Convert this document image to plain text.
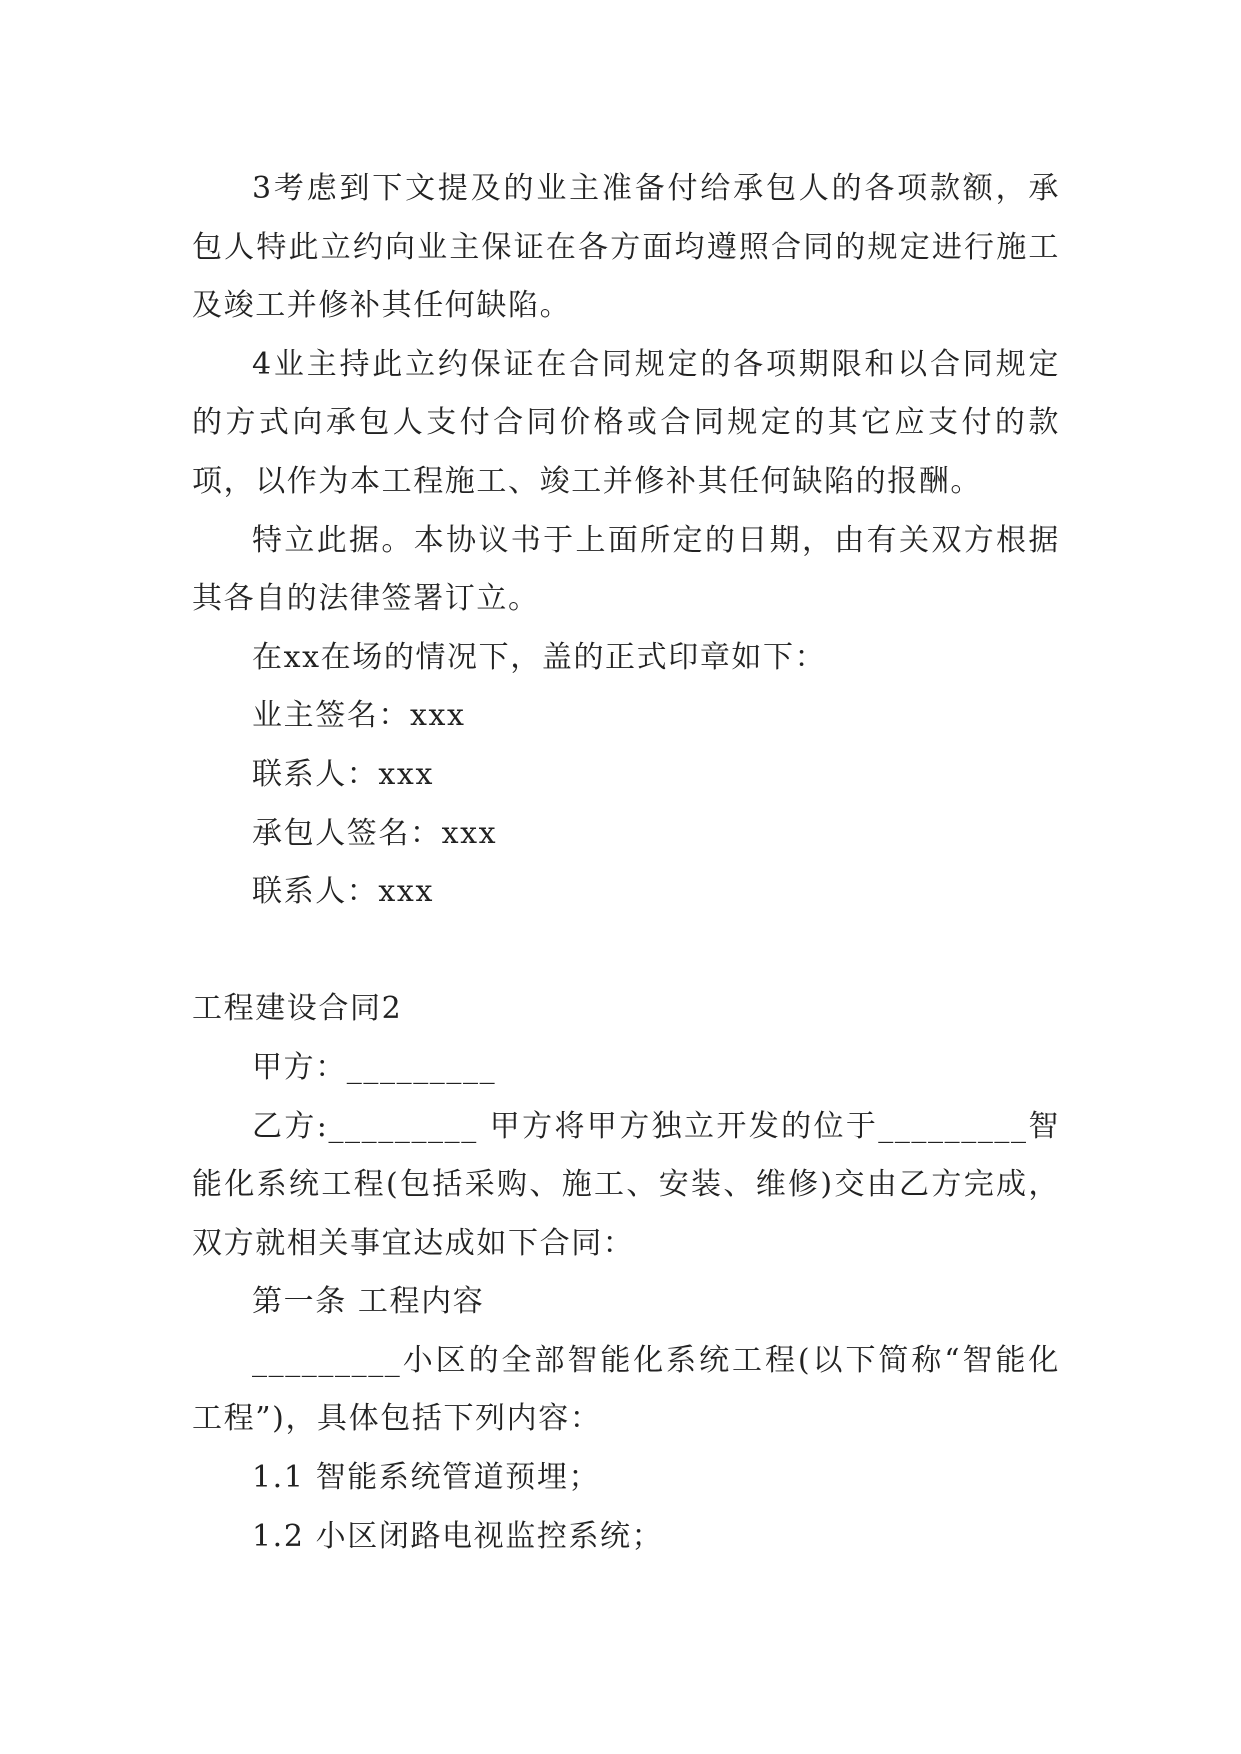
3考虑到下文提及的业主准备付给承包人的各项款额，承包人特此立约向业主保证在各方面均遵照合同的规定进行施工及竣工并修补其任何缺陷。

4业主持此立约保证在合同规定的各项期限和以合同规定的方式向承包人支付合同价格或合同规定的其它应支付的款项，以作为本工程施工、竣工并修补其任何缺陷的报酬。

特立此据。本协议书于上面所定的日期，由有关双方根据其各自的法律签署订立。

在xx在场的情况下，盖的正式印章如下：

业主签名：xxx

联系人：xxx

承包人签名：xxx

联系人：xxx

工程建设合同2

甲方：_________

乙方:_________ 甲方将甲方独立开发的位于_________智能化系统工程(包括采购、施工、安装、维修)交由乙方完成，双方就相关事宜达成如下合同：

第一条 工程内容

_________小区的全部智能化系统工程(以下简称“智能化工程”)，具体包括下列内容：

1.1 智能系统管道预埋；

1.2 小区闭路电视监控系统；
